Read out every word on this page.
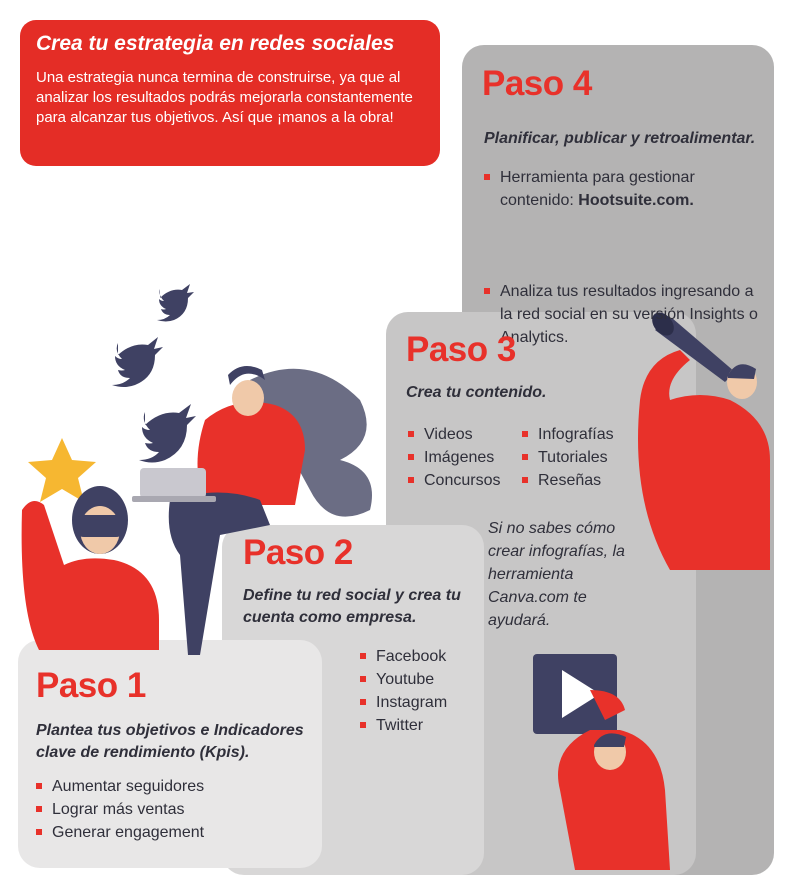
Crea tu estrategia en redes sociales
Una estrategia nunca termina de construirse, ya que al analizar los resultados podrás mejorarla constantemente para alcanzar tus objetivos. Así que ¡manos a la obra!
Paso 4
Planificar, publicar y retroalimentar.
Herramienta para gestionar contenido: Hootsuite.com.
Analiza tus resultados ingresando a la red social en su versión Insights o Analytics.
Paso 3
Crea tu contenido.
Videos
Imágenes
Concursos
Infografías
Tutoriales
Reseñas
Si no sabes cómo crear infografías, la herramienta Canva.com te ayudará.
Paso 2
Define tu red social y crea tu cuenta como empresa.
Facebook
Youtube
Instagram
Twitter
Paso 1
Plantea tus objetivos e Indicadores clave de rendimiento (Kpis).
Aumentar seguidores
Lograr más ventas
Generar engagement
